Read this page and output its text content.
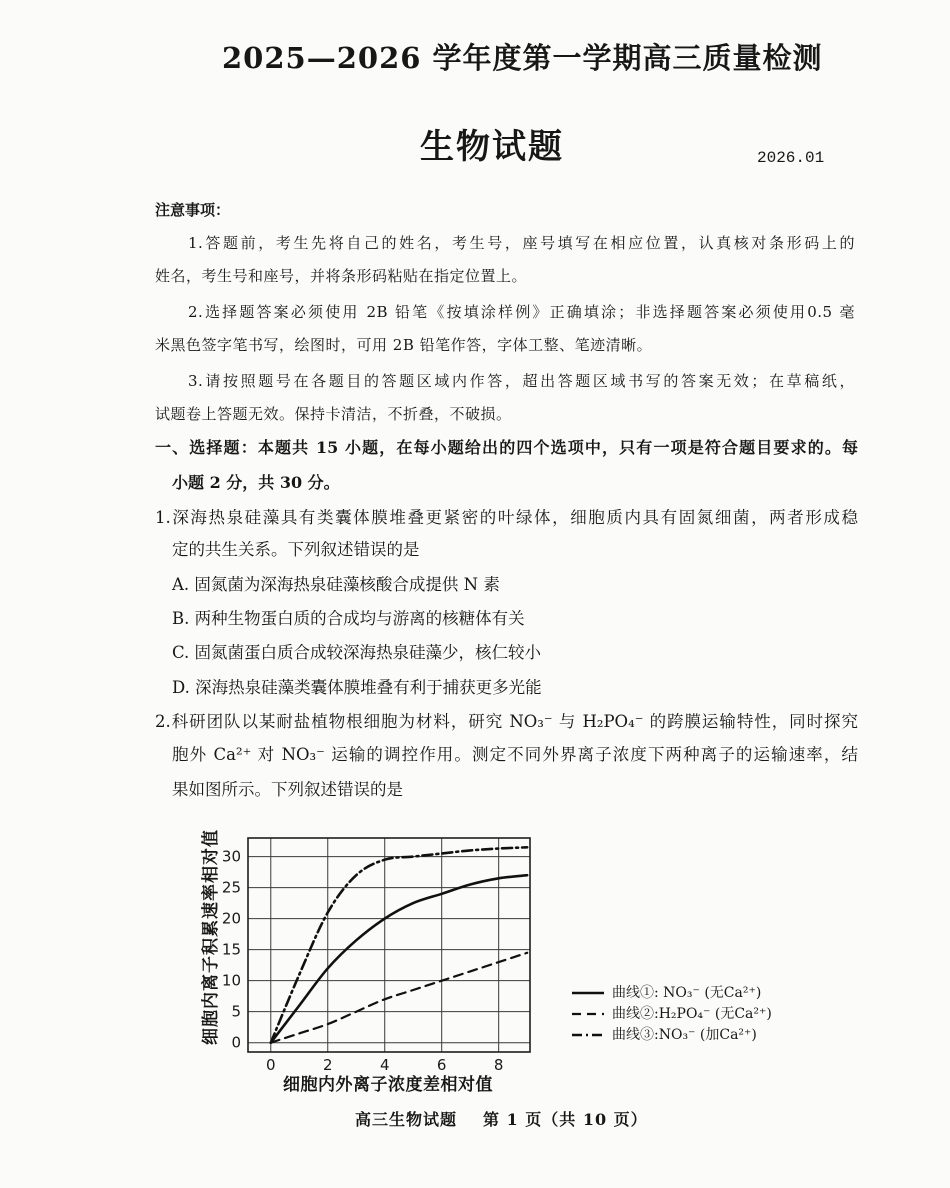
2025—2026 学年度第一学期高三质量检测
生物试题	2026.01
注意事项：
1.答题前，考生先将自己的姓名，考生号，座号填写在相应位置，认真核对条形码上的
姓名，考生号和座号，并将条形码粘贴在指定位置上。
2.选择题答案必须使用 2B 铅笔《按填涂样例》正确填涂；非选择题答案必须使用0.5 毫
米黑色签字笔书写，绘图时，可用 2B 铅笔作答，字体工整、笔迹清晰。
3.请按照题号在各题目的答题区域内作答，超出答题区域书写的答案无效；在草稿纸，
试题卷上答题无效。保持卡清洁，不折叠，不破损。
一、选择题：本题共 15 小题，在每小题给出的四个选项中，只有一项是符合题目要求的。每
小题 2 分，共 30 分。
1.深海热泉硅藻具有类囊体膜堆叠更紧密的叶绿体，细胞质内具有固氮细菌，两者形成稳
定的共生关系。下列叙述错误的是
A. 固氮菌为深海热泉硅藻核酸合成提供 N 素
B. 两种生物蛋白质的合成均与游离的核糖体有关
C. 固氮菌蛋白质合成较深海热泉硅藻少，核仁较小
D. 深海热泉硅藻类囊体膜堆叠有利于捕获更多光能
2.科研团队以某耐盐植物根细胞为材料，研究 NO₃⁻ 与 H₂PO₄⁻ 的跨膜运输特性，同时探究
胞外 Ca²⁺ 对 NO₃⁻ 运输的调控作用。测定不同外界离子浓度下两种离子的运输速率，结
果如图所示。下列叙述错误的是
0
5
10
15
20
25
30
0	2	4	6	8
细胞内离子积累速率相对值
细胞内外离子浓度差相对值
曲线①: NO₃⁻ (无Ca²⁺)
曲线②:H₂PO₄⁻ (无Ca²⁺)
曲线③:NO₃⁻ (加Ca²⁺)
高三生物试题 第 1 页（共 10 页）
